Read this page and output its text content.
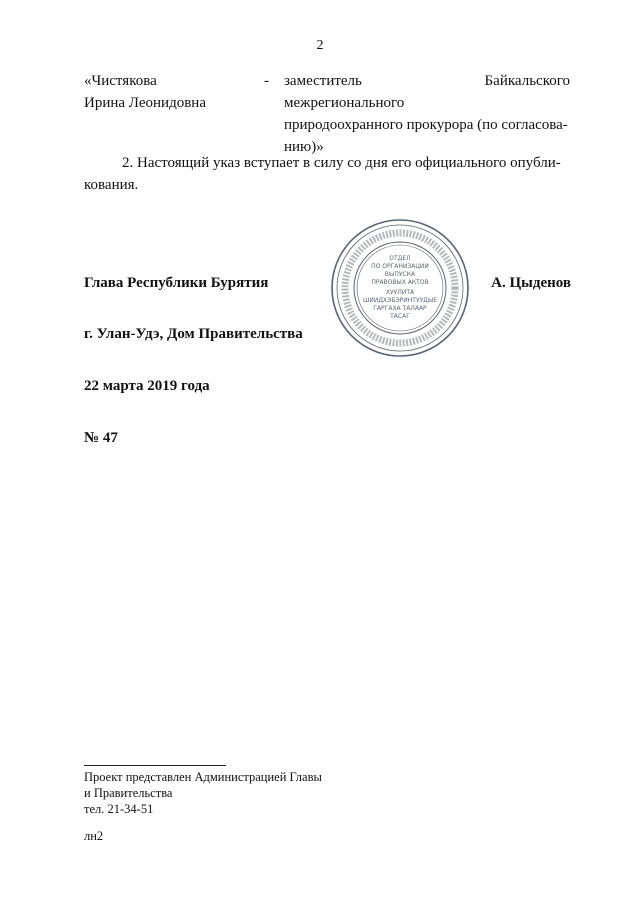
2
«Чистякова
Ирина Леонидовна
- заместитель Байкальского межрегионального
природоохранного прокурора (по согласова-
нию)»
2. Настоящий указ вступает в силу со дня его официального опубли-
кования.
ОТДЕЛ
ПО ОРГАНИЗАЦИИ
ВЫПУСКА
ПРАВОВЫХ АКТОВ
ХУУЛИТА
ШИИДХЭБЭРИНТУУДЫЕ
ГАРГАХА ТАЛААР
ТАСАГ
Глава Республики Бурятия	А. Цыденов
г. Улан-Удэ, Дом Правительства
22 марта 2019 года
№ 47
Проект представлен Администрацией Главы
и Правительства
тел. 21-34-51
лн2
